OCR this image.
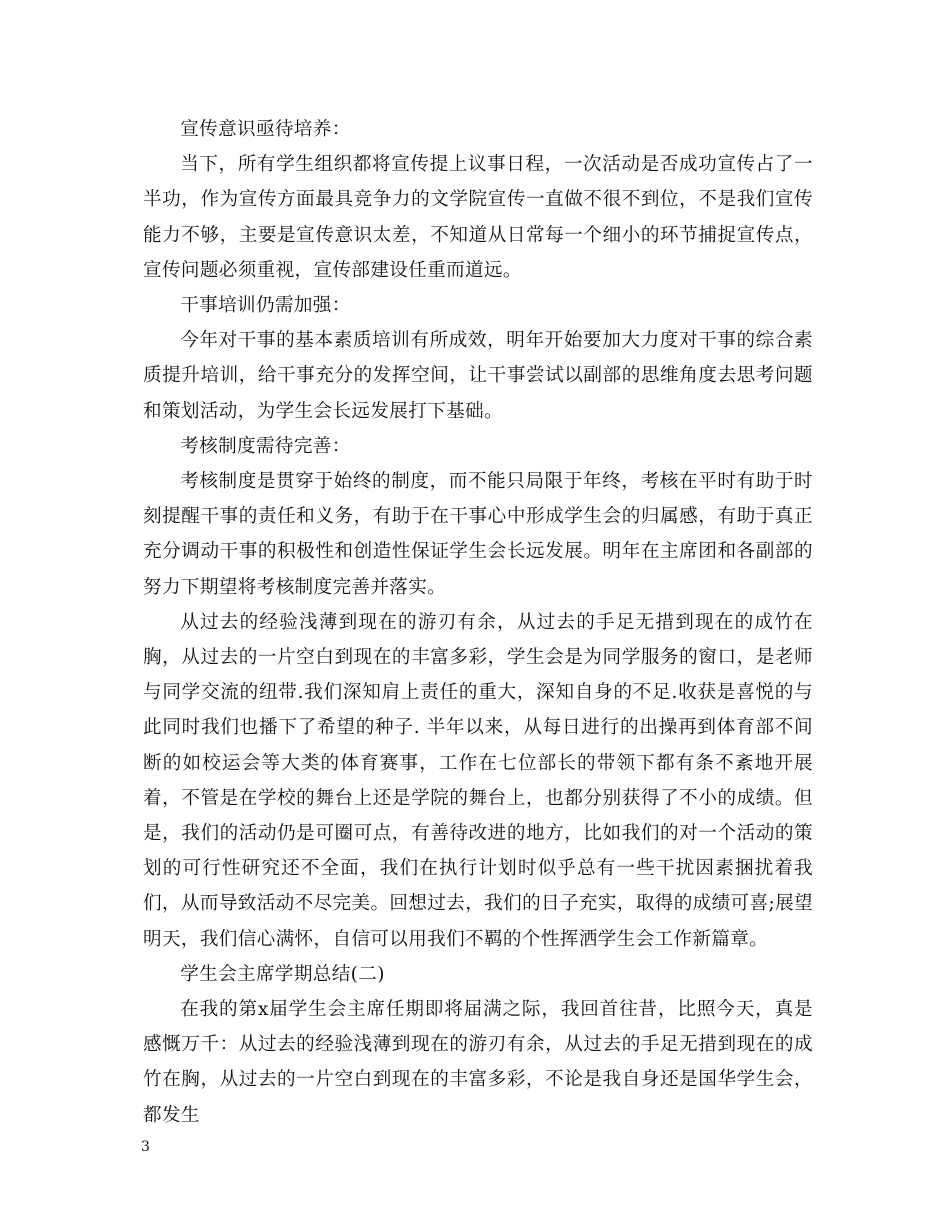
宣传意识亟待培养：

当下，所有学生组织都将宣传提上议事日程，一次活动是否成功宣传占了一半功，作为宣传方面最具竞争力的文学院宣传一直做不很不到位，不是我们宣传能力不够，主要是宣传意识太差，不知道从日常每一个细小的环节捕捉宣传点，宣传问题必须重视，宣传部建设任重而道远。

干事培训仍需加强：

今年对干事的基本素质培训有所成效，明年开始要加大力度对干事的综合素质提升培训，给干事充分的发挥空间，让干事尝试以副部的思维角度去思考问题和策划活动，为学生会长远发展打下基础。

考核制度需待完善：

考核制度是贯穿于始终的制度，而不能只局限于年终，考核在平时有助于时刻提醒干事的责任和义务，有助于在干事心中形成学生会的归属感，有助于真正充分调动干事的积极性和创造性保证学生会长远发展。明年在主席团和各副部的努力下期望将考核制度完善并落实。

从过去的经验浅薄到现在的游刃有余，从过去的手足无措到现在的成竹在胸，从过去的一片空白到现在的丰富多彩，学生会是为同学服务的窗口，是老师与同学交流的纽带.我们深知肩上责任的重大，深知自身的不足.收获是喜悦的与此同时我们也播下了希望的种子. 半年以来，从每日进行的出操再到体育部不间断的如校运会等大类的体育赛事，工作在七位部长的带领下都有条不紊地开展着，不管是在学校的舞台上还是学院的舞台上，也都分别获得了不小的成绩。但是，我们的活动仍是可圈可点，有善待改进的地方，比如我们的对一个活动的策划的可行性研究还不全面，我们在执行计划时似乎总有一些干扰因素捆扰着我们，从而导致活动不尽完美。回想过去，我们的日子充实，取得的成绩可喜;展望明天，我们信心满怀，自信可以用我们不羁的个性挥洒学生会工作新篇章。

学生会主席学期总结(二)

在我的第x届学生会主席任期即将届满之际，我回首往昔，比照今天，真是感慨万千：从过去的经验浅薄到现在的游刃有余，从过去的手足无措到现在的成竹在胸，从过去的一片空白到现在的丰富多彩，不论是我自身还是国华学生会，都发生

3
